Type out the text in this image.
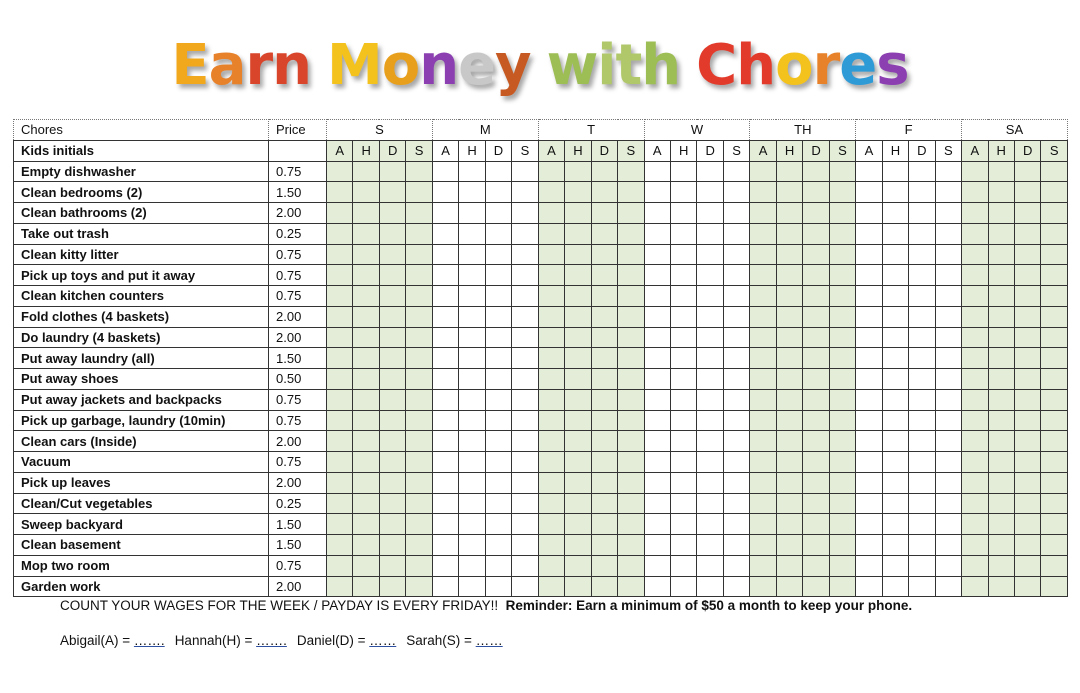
Earn Money with Chores
Chores	Price	S				M				T				W				TH				F				SA			
Kids initials		A	H	D	S	A	H	D	S	A	H	D	S	A	H	D	S	A	H	D	S	A	H	D	S	A	H	D	S
Empty dishwasher	0.75																												
Clean bedrooms (2)	1.50																												
Clean bathrooms (2)	2.00																												
Take out trash	0.25																												
Clean kitty litter	0.75																												
Pick up toys and put it away	0.75																												
Clean kitchen counters	0.75																												
Fold clothes (4 baskets)	2.00																												
Do laundry (4 baskets)	2.00																												
Put away laundry (all)	1.50																												
Put away shoes	0.50																												
Put away jackets and backpacks	0.75																												
Pick up garbage, laundry (10min)	0.75																												
Clean cars (Inside)	2.00																												
Vacuum	0.75																												
Pick up leaves	2.00																												
Clean/Cut vegetables	0.25																												
Sweep backyard	1.50																												
Clean basement	1.50																												
Mop two room	0.75																												
Garden work	2.00																												
COUNT YOUR WAGES FOR THE WEEK / PAYDAY IS EVERY FRIDAY!! Reminder: Earn a minimum of $50 a month to keep your phone.
Abigail(A) = ……. Hannah(H) = ……. Daniel(D) = …… Sarah(S) = ……
